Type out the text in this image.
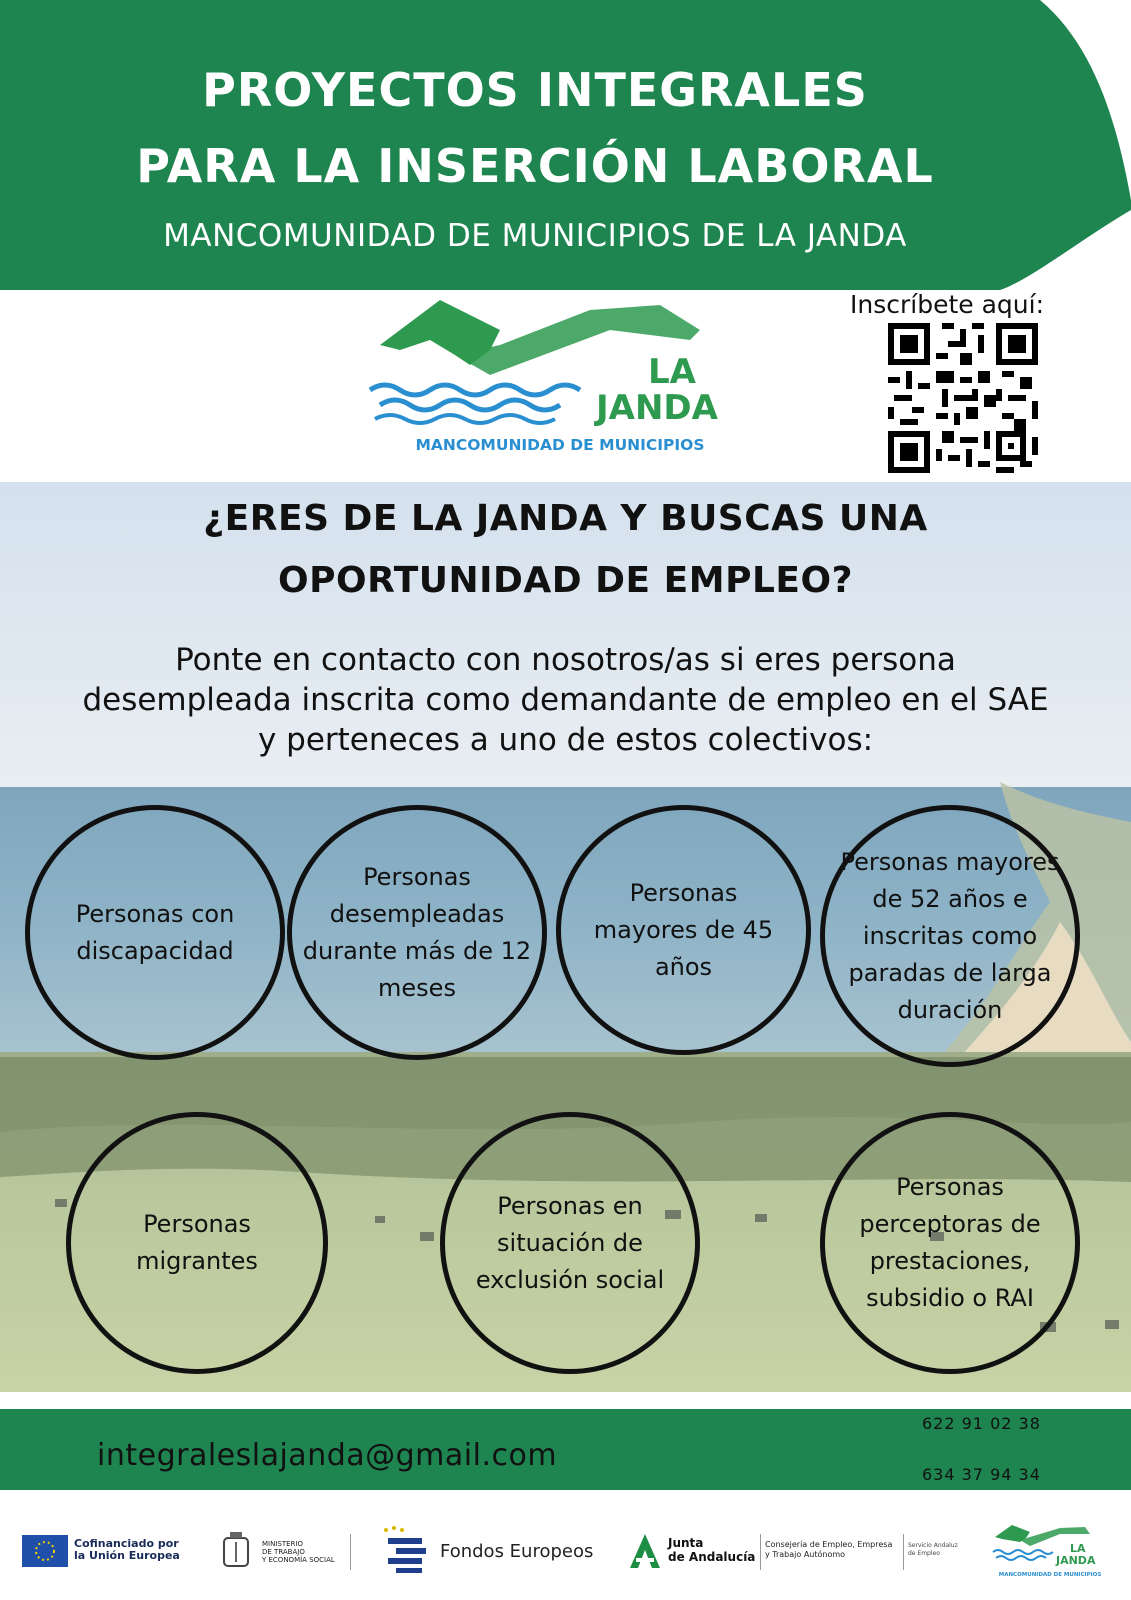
PROYECTOS INTEGRALES
PARA LA INSERCIÓN LABORAL
MANCOMUNIDAD DE MUNICIPIOS DE LA JANDA
LA
JANDA
MANCOMUNIDAD DE MUNICIPIOS
Inscríbete aquí:
¿ERES DE LA JANDA Y BUSCAS UNA
OPORTUNIDAD DE EMPLEO?
Ponte en contacto con nosotros/as si eres persona
desempleada inscrita como demandante de empleo en el SAE
y perteneces a uno de estos colectivos:
Personas con discapacidad
Personas desempleadas durante más de 12 meses
Personas mayores de 45 años
Personas mayores de 52 años e inscritas como paradas de larga duración
Personas migrantes
Personas en situación de exclusión social
Personas perceptoras de prestaciones, subsidio o RAI
integraleslajanda@gmail.com
622 91 02 38
634 37 94 34
Cofinanciado por
la Unión Europea
MINISTERIO
DE TRABAJO
Y ECONOMÍA SOCIAL	Fondos Europeos	Junta
de Andalucía
Consejería de Empleo, Empresa
y Trabajo Autónomo
Servicio Andaluz
de Empleo	LA
JANDA
MANCOMUNIDAD DE MUNICIPIOS
